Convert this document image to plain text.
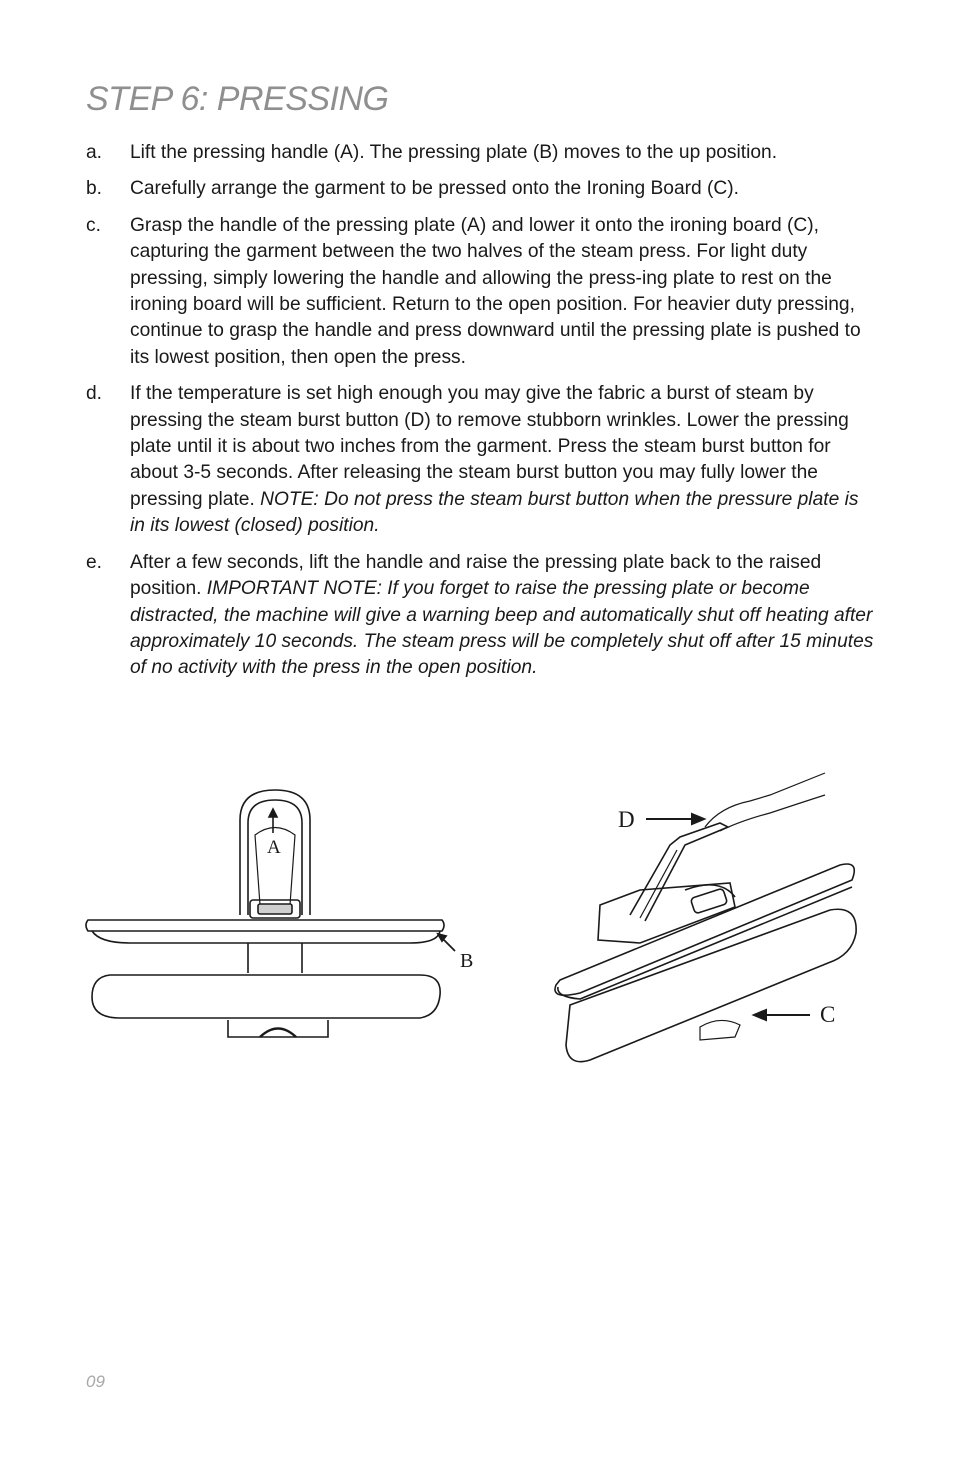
STEP 6: PRESSING
a. Lift the pressing handle (A). The pressing plate (B) moves to the up position.
b. Carefully arrange the garment to be pressed onto the Ironing Board (C).
c. Grasp the handle of the pressing plate (A) and lower it onto the ironing board (C), capturing the garment between the two halves of the steam press. For light duty pressing, simply lowering the handle and allowing the press-ing plate to rest on the ironing board will be sufficient. Return to the open position. For heavier duty pressing, continue to grasp the handle and press downward until the pressing plate is pushed to its lowest position, then open the press.
d. If the temperature is set high enough you may give the fabric a burst of steam by pressing the steam burst button (D) to remove stubborn wrinkles. Lower the pressing plate until it is about two inches from the garment. Press the steam burst button for about 3-5 seconds. After releasing the steam burst button you may fully lower the pressing plate. NOTE: Do not press the steam burst button when the pressure plate is in its lowest (closed) position.
e. After a few seconds, lift the handle and raise the pressing plate back to the raised position. IMPORTANT NOTE: If you forget to raise the pressing plate or become distracted, the machine will give a warning beep and automatically shut off heating after approximately 10 seconds. The steam press will be completely shut off after 15 minutes of no activity with the press in the open position.
A
B
D
C
09
